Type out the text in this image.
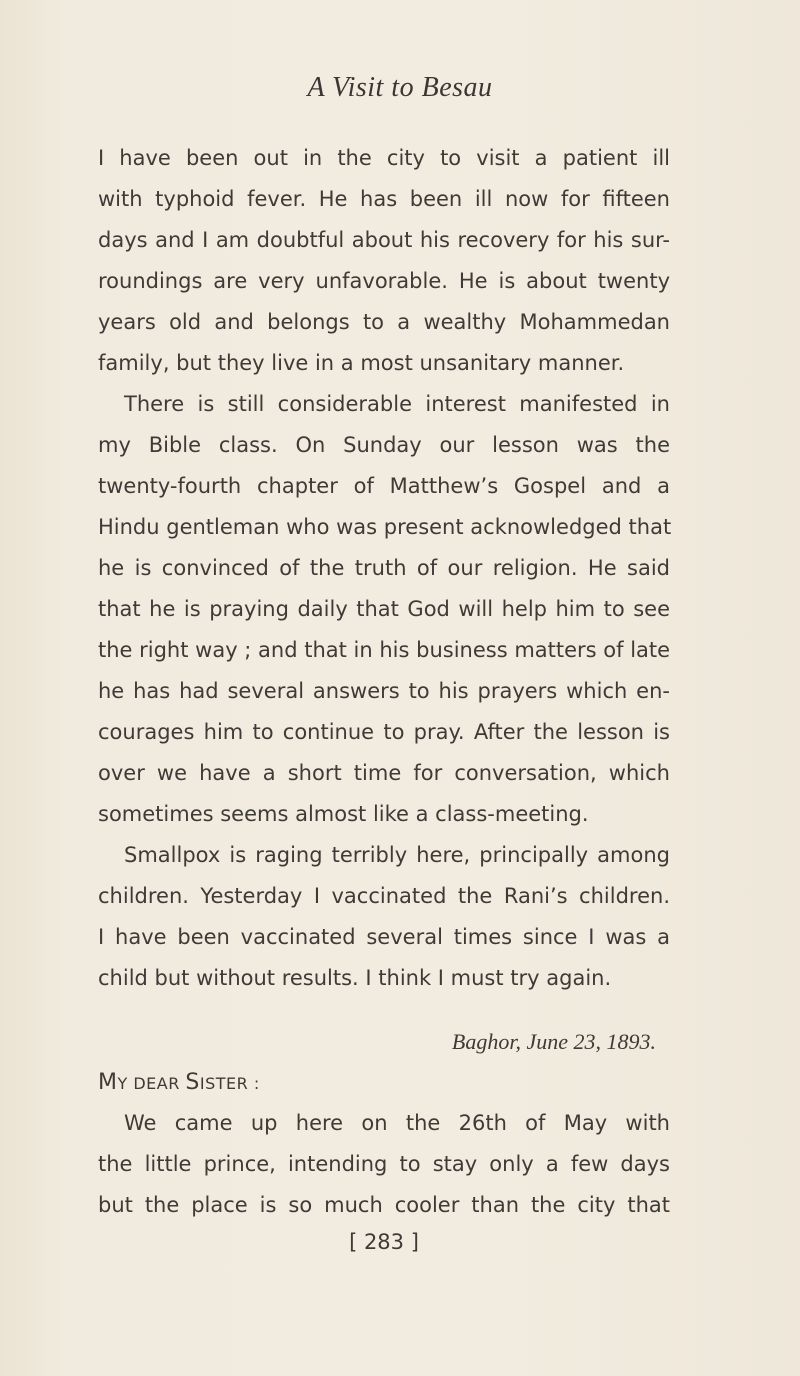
A Visit to Besau
I have been out in the city to visit a patient ill
with typhoid fever. He has been ill now for fifteen
days and I am doubtful about his recovery for his sur-
roundings are very unfavorable. He is about twenty
years old and belongs to a wealthy Mohammedan
family, but they live in a most unsanitary manner.
There is still considerable interest manifested in
my Bible class. On Sunday our lesson was the
twenty-fourth chapter of Matthew’s Gospel and a
Hindu gentleman who was present acknowledged that
he is convinced of the truth of our religion. He said
that he is praying daily that God will help him to see
the right way ; and that in his business matters of late
he has had several answers to his prayers which en-
courages him to continue to pray. After the lesson is
over we have a short time for conversation, which
sometimes seems almost like a class-meeting.
Smallpox is raging terribly here, principally among
children. Yesterday I vaccinated the Rani’s children.
I have been vaccinated several times since I was a
child but without results. I think I must try again.
Baghor, June 23, 1893.
MY DEAR SISTER :
We came up here on the 26th of May with
the little prince, intending to stay only a few days
but the place is so much cooler than the city that
[ 283 ]
